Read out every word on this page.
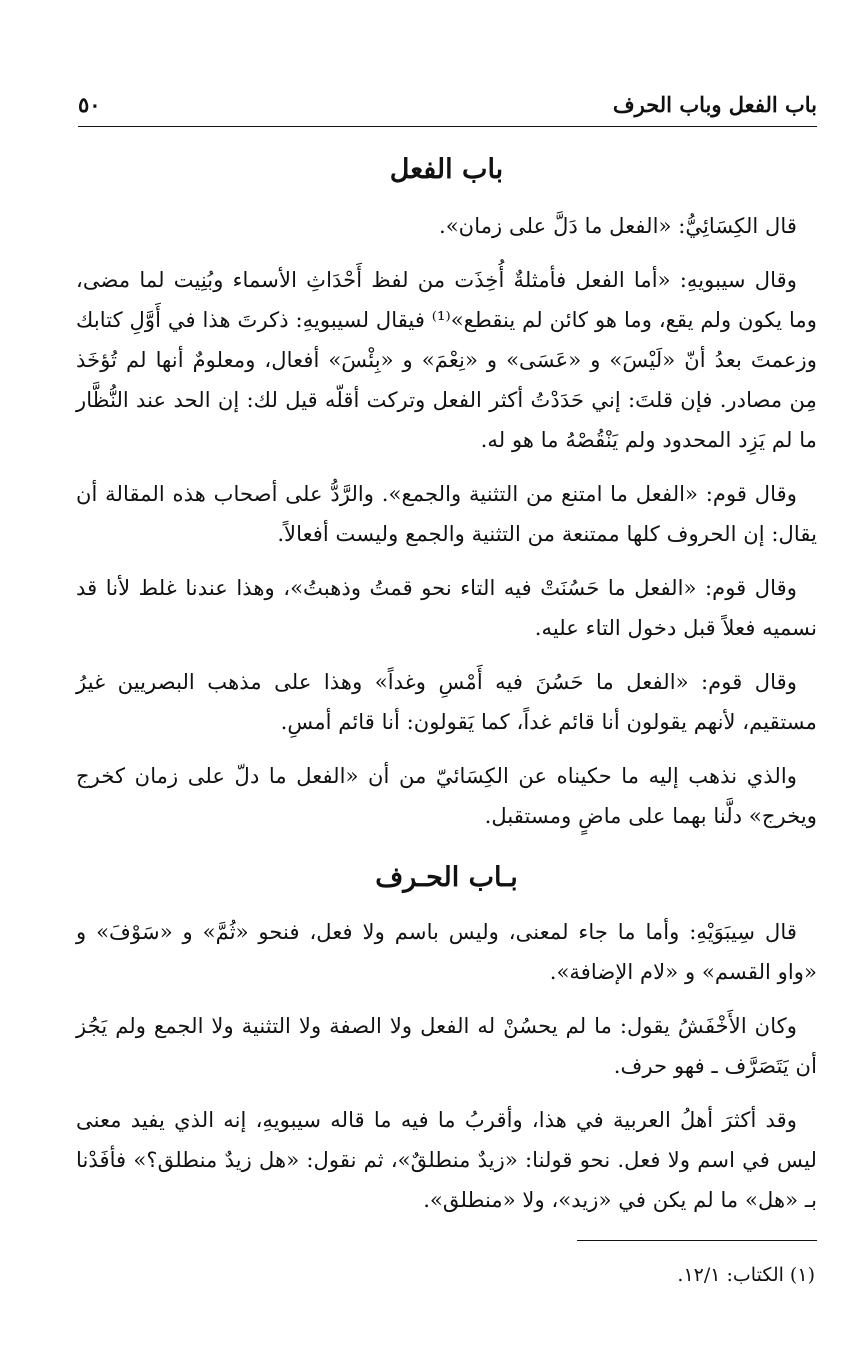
باب الفعل وباب الحرف
٥٠
باب الفعل

قال الكِسَائِيُّ: «الفعل ما دَلَّ على زمان».

وقال سيبويهِ: «أما الفعل فأمثلةٌ أُخِذَت من لفظ أَحْدَاثِ الأسماء وبُنِيت لما مضى، وما يكون ولم يقع، وما هو كائن لم ينقطع»⁽¹⁾ فيقال لسيبويهِ: ذكرتَ هذا في أَوَّلِ كتابك وزعمتَ بعدُ أنّ «لَيْسَ» و «عَسَى» و «نِعْمَ» و «بِئْسَ» أفعال، ومعلومٌ أنها لم تُؤخَذ مِن مصادر. فإن قلتَ: إني حَدَدْتُ أكثر الفعل وتركت أقلّه قيل لك: إن الحد عند النُّظَّار ما لم يَزِد المحدود ولم يَنْقُصْهُ ما هو له.

وقال قوم: «الفعل ما امتنع من التثنية والجمع». والرَّدُّ على أصحاب هذه المقالة أن يقال: إن الحروف كلها ممتنعة من التثنية والجمع وليست أفعالاً.

وقال قوم: «الفعل ما حَسُنَتْ فيه التاء نحو قمتُ وذهبتُ»، وهذا عندنا غلط لأنا قد نسميه فعلاً قبل دخول التاء عليه.

وقال قوم: «الفعل ما حَسُنَ فيه أَمْسِ وغداً» وهذا على مذهب البصريين غيرُ مستقيم، لأنهم يقولون أنا قائم غداً، كما يَقولون: أنا قائم أمسِ.

والذي نذهب إليه ما حكيناه عن الكِسَائيّ من أن «الفعل ما دلّ على زمان كخرج ويخرج» دلَّنا بهما على ماضٍ ومستقبل.

بـاب الحـرف

قال سِيبَوَيْهِ: وأما ما جاء لمعنى، وليس باسم ولا فعل، فنحو «ثُمَّ» و «سَوْفَ» و «واو القسم» و «لام الإضافة».

وكان الأَخْفَشُ يقول: ما لم يحسُنْ له الفعل ولا الصفة ولا التثنية ولا الجمع ولم يَجُز أن يَتَصَرَّف ـ فهو حرف.

وقد أكثرَ أهلُ العربية في هذا، وأقربُ ما فيه ما قاله سيبويهِ، إنه الذي يفيد معنى ليس في اسم ولا فعل. نحو قولنا: «زيدٌ منطلقٌ»، ثم نقول: «هل زيدٌ منطلق؟» فأفَدْنا بـ «هل» ما لم يكن في «زيد»، ولا «منطلق».

(١) الكتاب: ١٢/١.
